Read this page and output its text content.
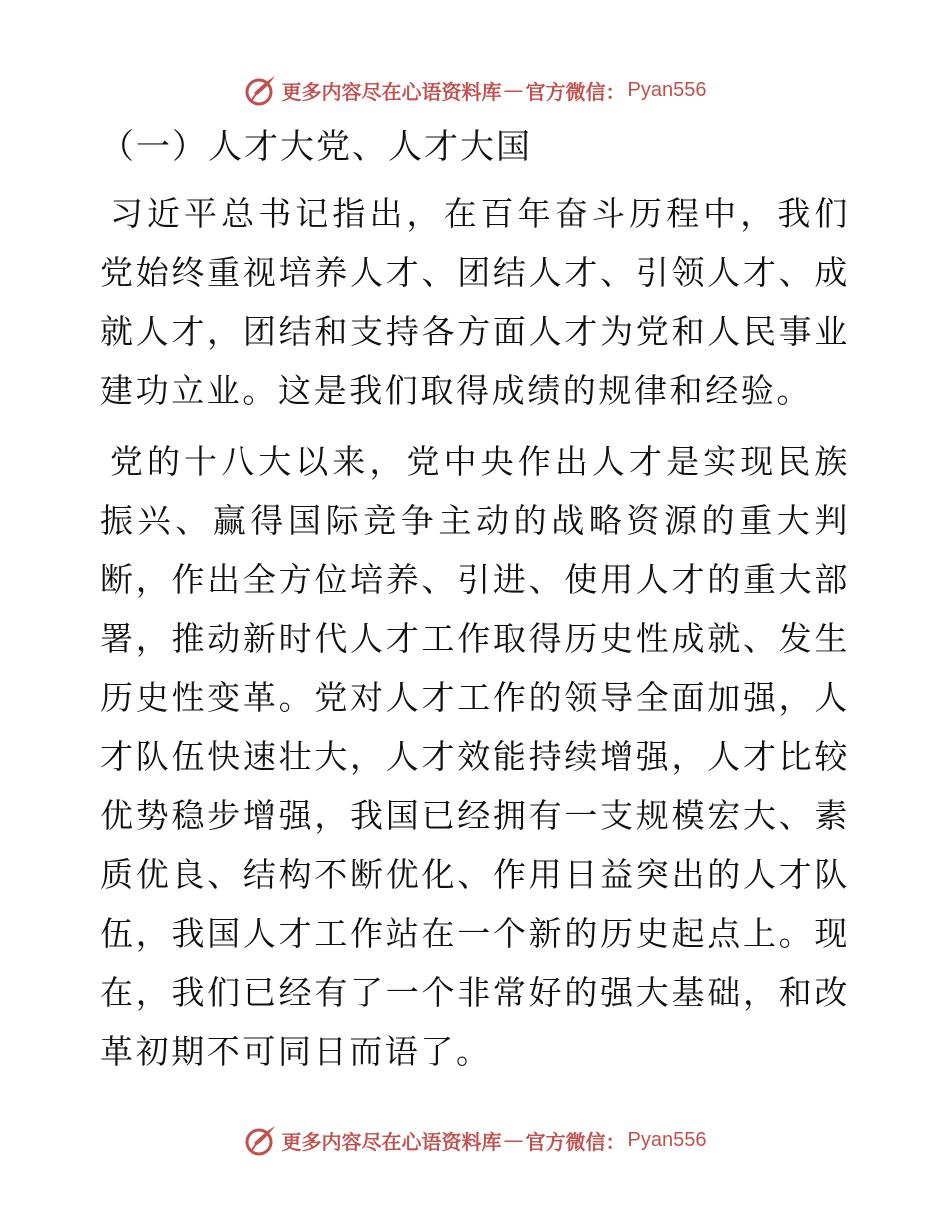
更多内容尽在心语资料库 — 官方微信： Pyan556
（一）人才大党、人才大国

习近平总书记指出，在百年奋斗历程中，我们党始终重视培养人才、团结人才、引领人才、成就人才，团结和支持各方面人才为党和人民事业建功立业。这是我们取得成绩的规律和经验。

党的十八大以来，党中央作出人才是实现民族振兴、赢得国际竞争主动的战略资源的重大判断，作出全方位培养、引进、使用人才的重大部署，推动新时代人才工作取得历史性成就、发生历史性变革。党对人才工作的领导全面加强，人才队伍快速壮大，人才效能持续增强，人才比较优势稳步增强，我国已经拥有一支规模宏大、素质优良、结构不断优化、作用日益突出的人才队伍，我国人才工作站在一个新的历史起点上。现在，我们已经有了一个非常好的强大基础，和改革初期不可同日而语了。

更多内容尽在心语资料库 — 官方微信： Pyan556
